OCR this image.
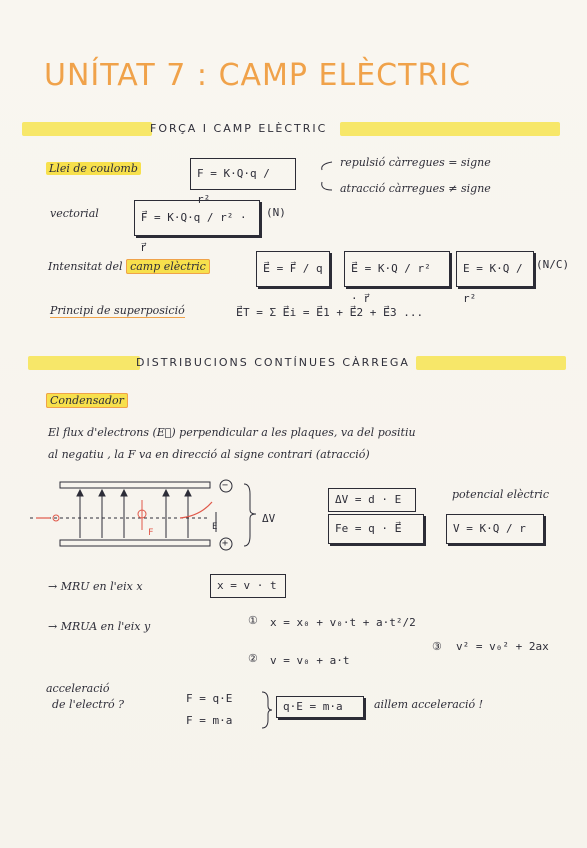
UNÍTAT 7 : CAMP ELÈCTRIC
FORÇA I CAMP ELÈCTRIC
Llei de coulomb	F = K·Q·q / r²
repulsió càrregues = signe
atracció càrregues ≠ signe
vectorial	F⃗ = K·Q·q / r² · r⃗
(N)
Intensitat del camp elèctric	E⃗ = F⃗ / q	E⃗ = K·Q / r² · r⃗
E = K·Q / r²
(N/C)
Principi de superposició	E⃗T = Σ E⃗i = E⃗1 + E⃗2 + E⃗3 ...
DISTRIBUCIONS CONTÍNUES CÀRREGA
Condensador
El flux d'electrons (E⃗) perpendicular a les plaques, va del positiu
al negatiu , la F va en direcció al signe contrari (atracció)
−
+
F
E
ΔV
ΔV = d · E
Fe = q · E⃗
potencial elèctric
V = K·Q / r
→ MRU en l'eix x	x = v · t
→ MRUA en l'eix y	① x = x₀ + v₀·t + a·t²/2
③ v² = v₀² + 2ax
② v = v₀ + a·t
acceleració
de l'electró ?	F = q·E
F = m·a
q·E = m·a	aillem acceleració !
